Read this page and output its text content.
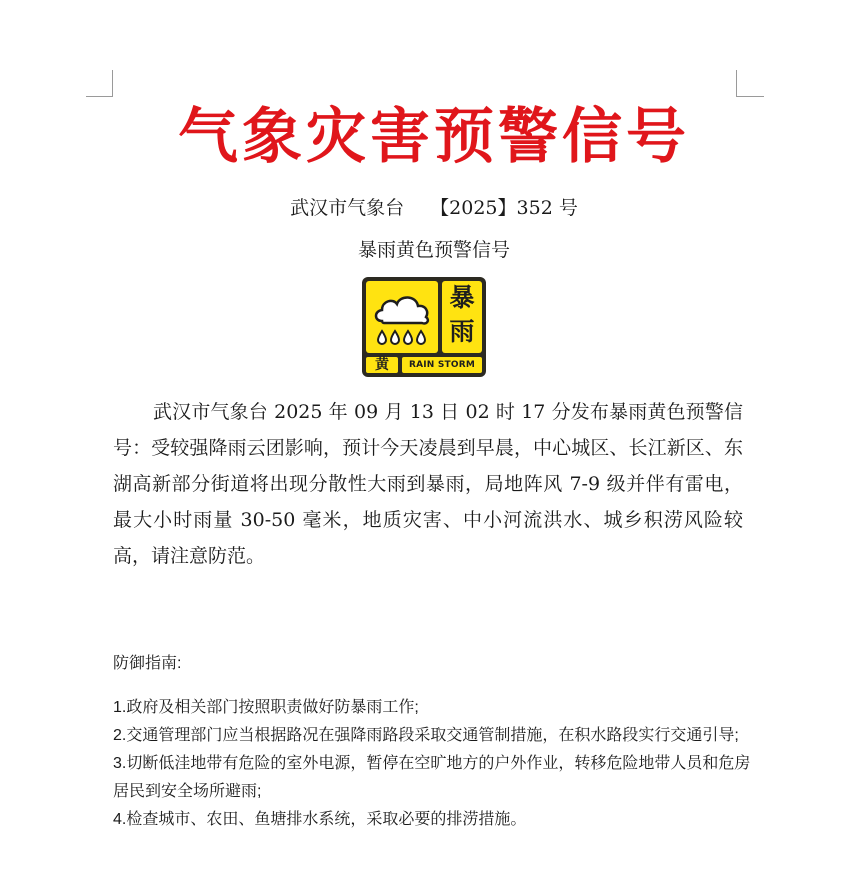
气象灾害预警信号
武汉市气象台 【2025】352 号
暴雨黄色预警信号
暴
雨
黄	RAIN STORM
武汉市气象台 2025 年 09 月 13 日 02 时 17 分发布暴雨黄色预警信号：受较强降雨云团影响，预计今天凌晨到早晨，中心城区、长江新区、东湖高新部分街道将出现分散性大雨到暴雨，局地阵风 7-9 级并伴有雷电，最大小时雨量 30-50 毫米，地质灾害、中小河流洪水、城乡积涝风险较高，请注意防范。
防御指南:
1.政府及相关部门按照职责做好防暴雨工作;
2.交通管理部门应当根据路况在强降雨路段采取交通管制措施，在积水路段实行交通引导;
3.切断低洼地带有危险的室外电源，暂停在空旷地方的户外作业，转移危险地带人员和危房居民到安全场所避雨;
4.检查城市、农田、鱼塘排水系统，采取必要的排涝措施。
